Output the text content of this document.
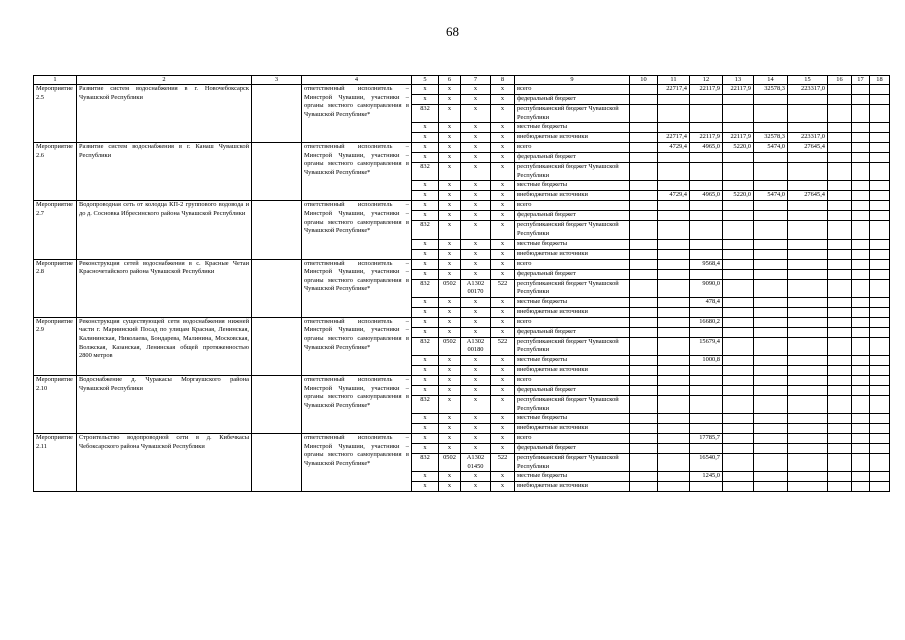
68
1	2	3	4	5	6	7	8	9	10	11	12	13	14	15	16	17	18
Мероприятие 2.5	Развитие систем водоснабжения в г. Новочебоксарск Чувашской Республики		ответственный исполнитель – Минстрой Чувашии, участники – органы местного самоуправления в Чувашской Республике*	x	x	x	x	всего		22717,4	22117,9	22117,9	32578,3	223317,0			
				x	x	x	x	федеральный бюджет									
				832	x	x	x	республиканский бюджет Чувашской Республики									
				x	x	x	x	местные бюджеты									
				x	x	x	x	внебюджетные источники		22717,4	22117,9	22117,9	32578,3	223317,0			
Мероприятие 2.6	Развитие систем водоснабжения в г. Канаш Чувашской Республики		ответственный исполнитель – Минстрой Чувашии, участники – органы местного самоуправления в Чувашской Республике*	x	x	x	x	всего		4729,4	4965,0	5220,0	5474,0	27645,4			
				x	x	x	x	федеральный бюджет									
				832	x	x	x	республиканский бюджет Чувашской Республики									
				x	x	x	x	местные бюджеты									
				x	x	x	x	внебюджетные источники		4729,4	4965,0	5220,0	5474,0	27645,4			
Мероприятие 2.7	Водопроводная сеть от колодца КП-2 группового водовода и до д. Сосновка Ибресинского района Чувашской Республики		ответственный исполнитель – Минстрой Чувашии, участники – органы местного самоуправления в Чувашской Республике*	x	x	x	x	всего									
				x	x	x	x	федеральный бюджет									
				832	x	x	x	республиканский бюджет Чувашской Республики									
				x	x	x	x	местные бюджеты									
				x	x	x	x	внебюджетные источники									
Мероприятие 2.8	Реконструкция сетей водоснабжения в с. Красные Четаи Красночетайского района Чувашской Республики		ответственный исполнитель – Минстрой Чувашии, участники – органы местного самоуправления в Чувашской Республике*	x	x	x	x	всего			9568,4						
				x	x	x	x	федеральный бюджет									
				832	0502	А1302 00170	522	республиканский бюджет Чувашской Республики			9090,0						
				x	x	x	x	местные бюджеты			478,4						
				x	x	x	x	внебюджетные источники									
Мероприятие 2.9	Реконструкция существующей сети водоснабжения нижней части г. Мариинский Посад по улицам Красная, Ленинская, Калининская, Николаева, Бондарева, Малинина, Московская, Волжская, Казанская, Ленинская общей протяженностью 2800 метров		ответственный исполнитель – Минстрой Чувашии, участники – органы местного самоуправления в Чувашской Республике*	x	x	x	x	всего			16680,2						
				x	x	x	x	федеральный бюджет									
				832	0502	А1302 00180	522	республиканский бюджет Чувашской Республики			15679,4						
				x	x	x	x	местные бюджеты			1000,8						
				x	x	x	x	внебюджетные источники									
Мероприятие 2.10	Водоснабжение д. Чуракасы Моргаушского района Чувашской Республики		ответственный исполнитель – Минстрой Чувашии, участники – органы местного самоуправления в Чувашской Республике*	x	x	x	x	всего									
				x	x	x	x	федеральный бюджет									
				832	x	x	x	республиканский бюджет Чувашской Республики									
				x	x	x	x	местные бюджеты									
				x	x	x	x	внебюджетные источники									
Мероприятие 2.11	Строительство водопроводной сети в д. Кибечкасы Чебоксарского района Чувашской Республики		ответственный исполнитель – Минстрой Чувашии, участники – органы местного самоуправления в Чувашской Республике*	x	x	x	x	всего			17785,7						
				x	x	x	x	федеральный бюджет									
				832	0502	А1302 01450	522	республиканский бюджет Чувашской Республики			16540,7						
				x	x	x	x	местные бюджеты			1245,0						
				x	x	x	x	внебюджетные источники									
